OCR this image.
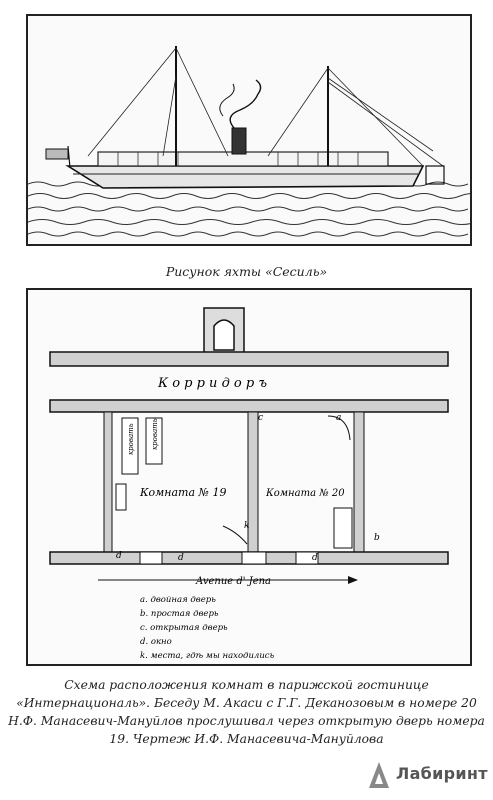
Рисунок яхты «Сесиль»
К о р р и д о р ъ
кровать кровать
Комната № 19	Комната № 20
d	d	d
k
c
b
a
Avenue d' Jena
a. двойная дверь
b. простая дверь
c. открытая дверь
d. окно
k. места, гдѣ мы находились
Схема расположения комнат в парижской гостинице
«Интернациональ». Беседу М. Акаси с Г.Г. Деканозовым в номере 20
Н.Ф. Манасевич-Мануйлов прослушивал через открытую дверь номера
19. Чертеж И.Ф. Манасевича-Мануйлова
Лабиринт
